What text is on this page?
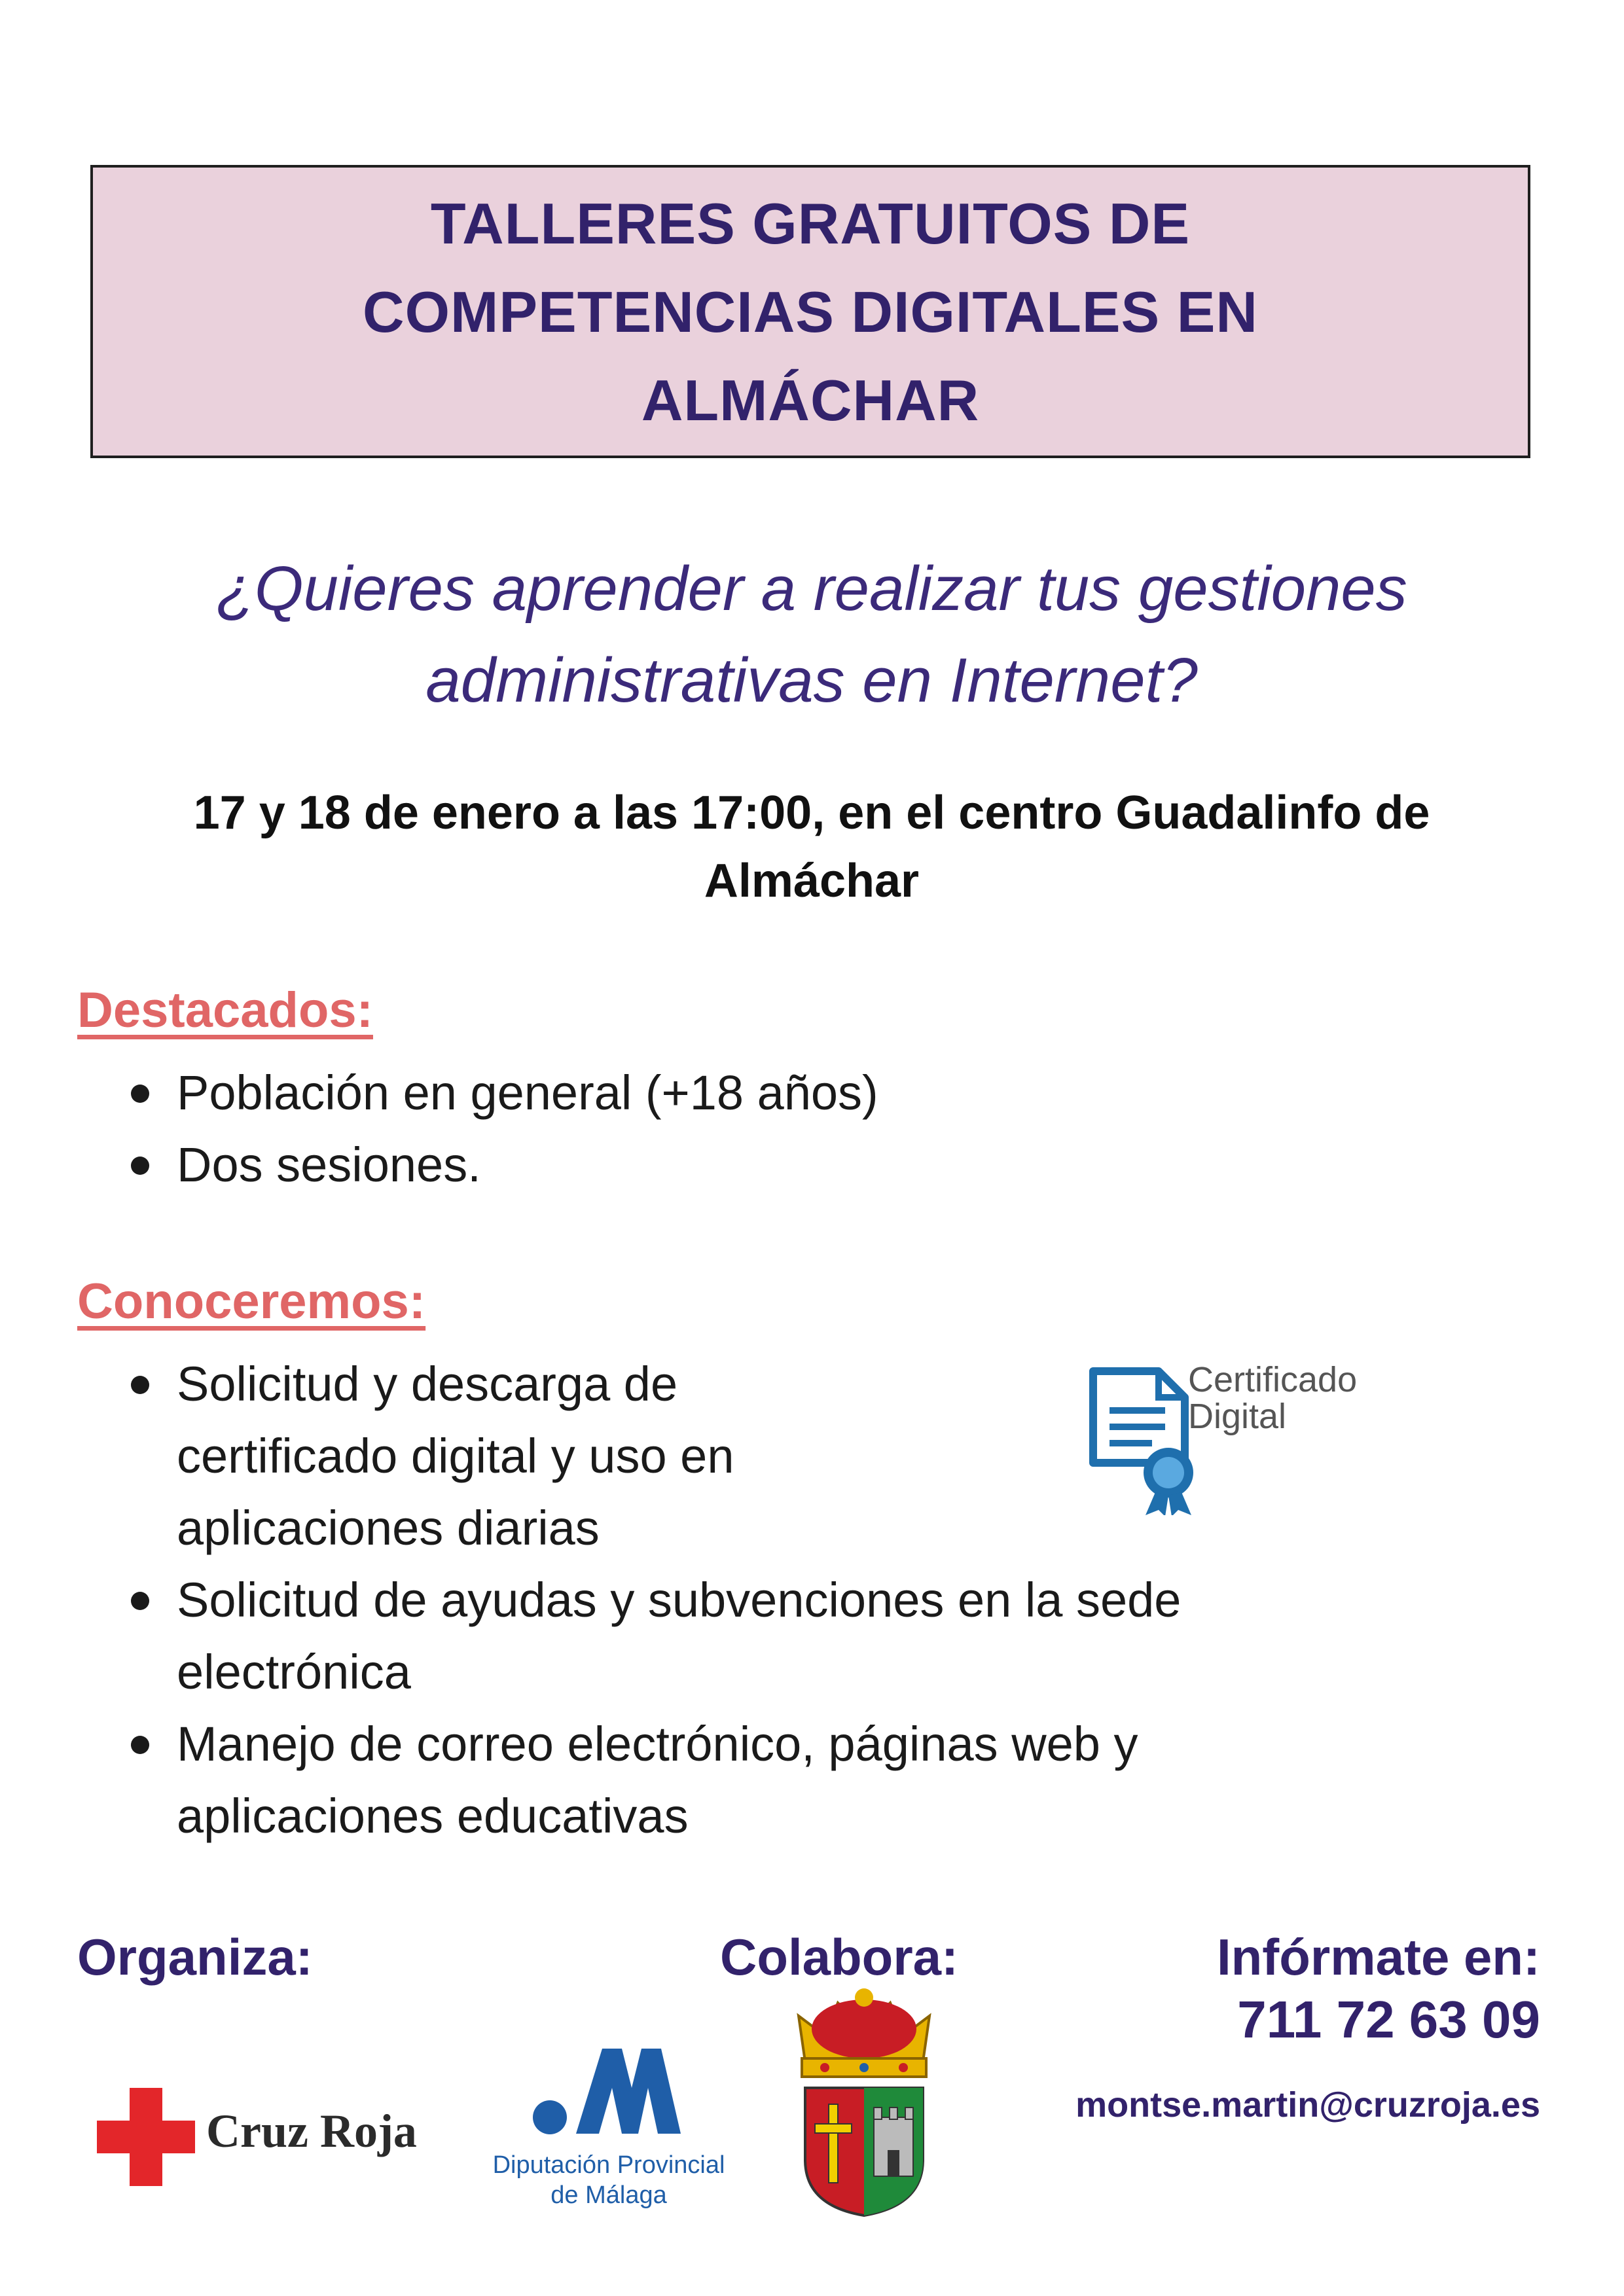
TALLERES GRATUITOS DE
COMPETENCIAS DIGITALES EN
ALMÁCHAR
¿Quieres aprender a realizar tus gestiones
administrativas en Internet?
17 y 18 de enero a las 17:00, en el centro Guadalinfo de
Almáchar
Destacados:
Población en general (+18 años)
Dos sesiones.
Conoceremos:
Solicitud y descarga de
certificado digital y uso en
aplicaciones diarias
Solicitud de ayudas y subvenciones en la sede
electrónica
Manejo de correo electrónico, páginas web y
aplicaciones educativas
Certificado
Digital
Organiza:	Colabora:	Infórmate en:
711 72 63 09
montse.martin@cruzroja.es
Cruz Roja
Diputación Provincial
de Málaga
